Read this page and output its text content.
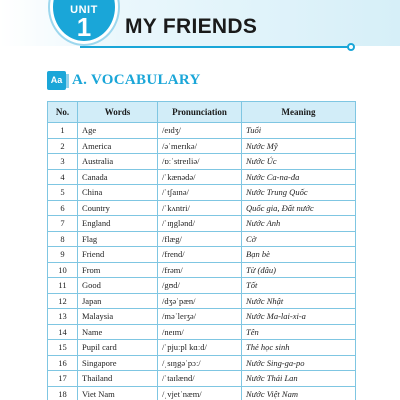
UNIT
1	MY FRIENDS
Aa A. VOCABULARY
No.	Words	Pronunciation	Meaning
1	Age	/eɪdʒ/	Tuổi
2	America	/əˈmerɪkə/	Nước Mỹ
3	Australia	/ɒːˈstreɪliə/	Nước Úc
4	Canada	/ˈkænədə/	Nước Ca-na-đa
5	China	/ˈtʃaɪnə/	Nước Trung Quốc
6	Country	/ˈkʌntri/	Quốc gia, Đất nước
7	England	/ˈɪŋglənd/	Nước Anh
8	Flag	/flæg/	Cờ
9	Friend	/frend/	Bạn bè
10	From	/frəm/	Từ (đâu)
11	Good	/gʊd/	Tốt
12	Japan	/dʒəˈpæn/	Nước Nhật
13	Malaysia	/məˈleɪʒə/	Nước Ma-lai-xi-a
14	Name	/neɪm/	Tên
15	Pupil card	/ˈpjuːpl kɑːd/	Thẻ học sinh
16	Singapore	/ˌsɪŋgəˈpɔː/	Nước Sing-ga-po
17	Thailand	/ˈtaɪlænd/	Nước Thái Lan
18	Viet Nam	/ˌvjetˈnæm/	Nước Việt Nam
